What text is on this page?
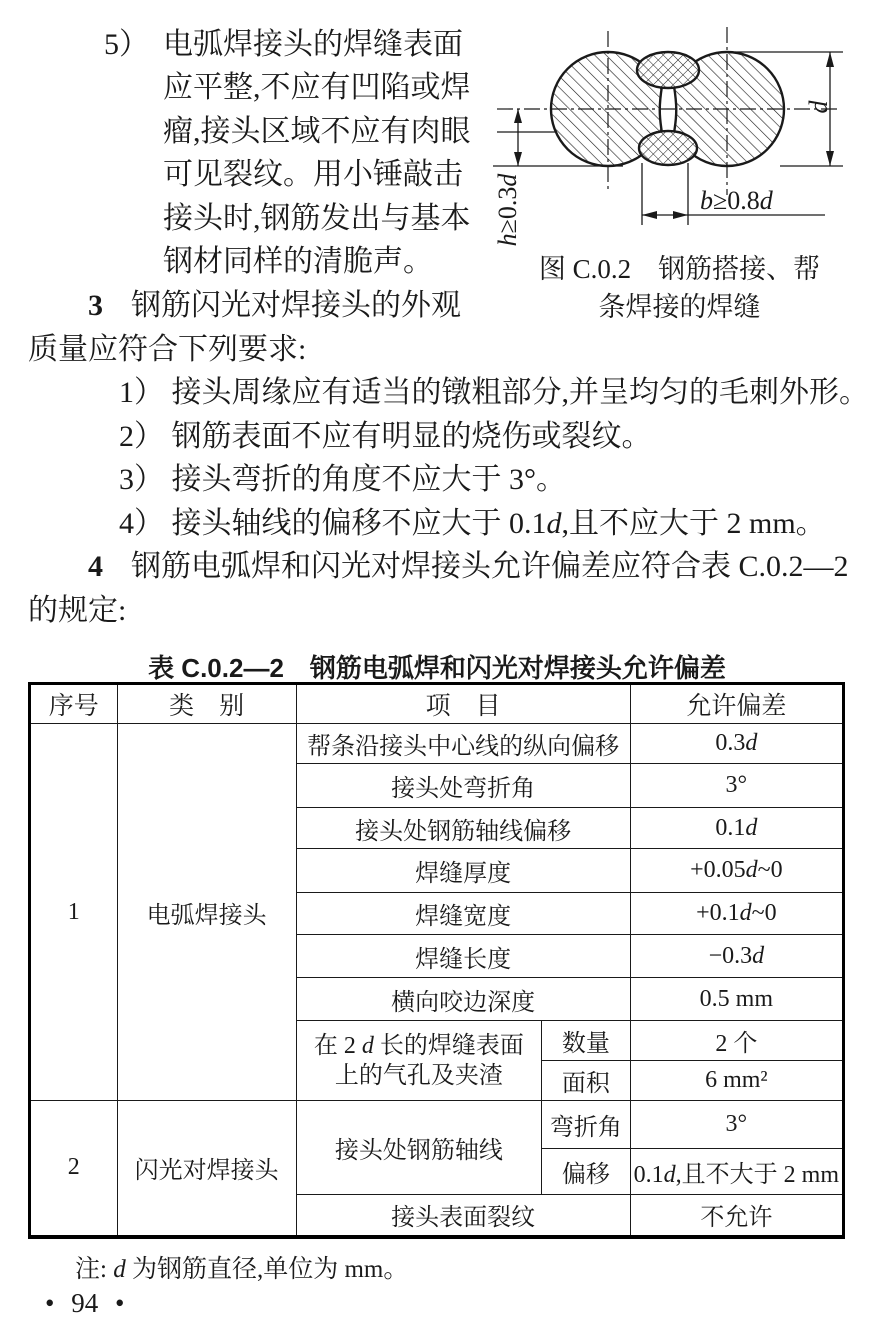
5） 电弧焊接头的焊缝表面
应平整,不应有凹陷或焊
瘤,接头区域不应有肉眼
可见裂纹。用小锤敲击
接头时,钢筋发出与基本
钢材同样的清脆声。
3 钢筋闪光对焊接头的外观
质量应符合下列要求:
1） 接头周缘应有适当的镦粗部分,并呈均匀的毛刺外形。
2） 钢筋表面不应有明显的烧伤或裂纹。
3） 接头弯折的角度不应大于 3°。
4） 接头轴线的偏移不应大于 0.1d,且不应大于 2 mm。
4 钢筋电弧焊和闪光对焊接头允许偏差应符合表 C.0.2—2
的规定:
h≥0.3d
b≥0.8d
d
图 C.0.2　钢筋搭接、帮
条焊接的焊缝
表 C.0.2—2　钢筋电弧焊和闪光对焊接头允许偏差
序号	类　别	项　目		允许偏差
1	电弧焊接头	帮条沿接头中心线的纵向偏移		0.3d
		接头处弯折角		3°
		接头处钢筋轴线偏移		0.1d
		焊缝厚度		+0.05d~0
		焊缝宽度		+0.1d~0
		焊缝长度		−0.3d
		横向咬边深度		0.5 mm

		在 2 d 长的焊缝表面
上的气孔及夹渣	数量	2 个
			面积	6 mm²
2	闪光对焊接头	接头处钢筋轴线	弯折角	3°
			偏移	0.1d,且不大于 2 mm
		接头表面裂纹		不允许
注: d 为钢筋直径,单位为 mm。
• 94 •
